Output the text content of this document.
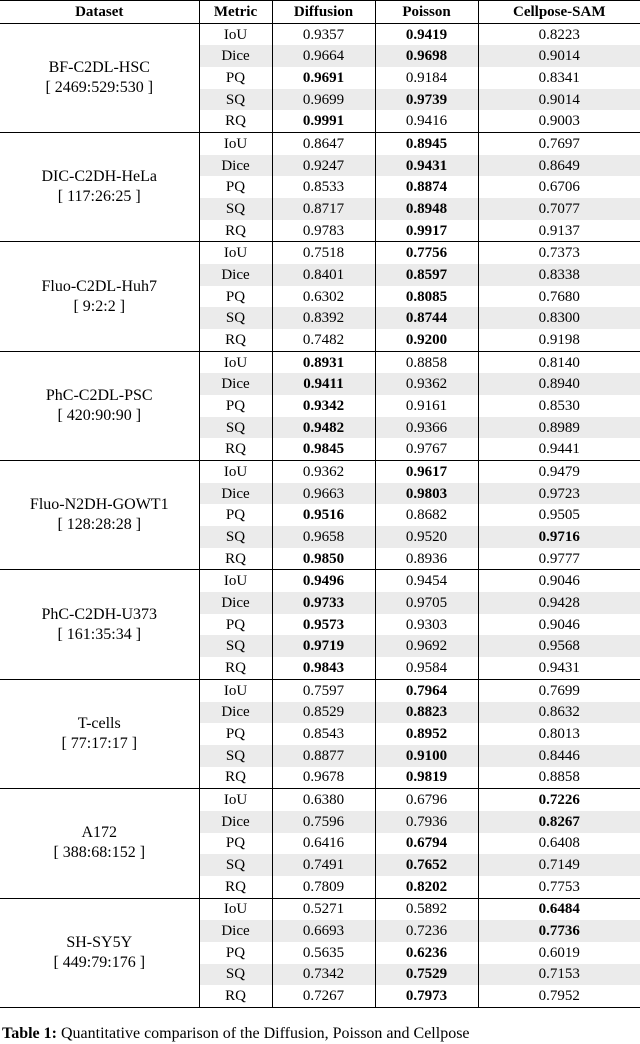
Dataset	Metric	Diffusion	Poisson	Cellpose-SAM

BF-C2DL-HSC
[ 2469:529:530 ]	IoU	0.9357	0.9419	0.8223
	Dice	0.9664	0.9698	0.9014
	PQ	0.9691	0.9184	0.8341
	SQ	0.9699	0.9739	0.9014
	RQ	0.9991	0.9416	0.9003

DIC-C2DH-HeLa
[ 117:26:25 ]	IoU	0.8647	0.8945	0.7697
	Dice	0.9247	0.9431	0.8649
	PQ	0.8533	0.8874	0.6706
	SQ	0.8717	0.8948	0.7077
	RQ	0.9783	0.9917	0.9137

Fluo-C2DL-Huh7
[ 9:2:2 ]	IoU	0.7518	0.7756	0.7373
	Dice	0.8401	0.8597	0.8338
	PQ	0.6302	0.8085	0.7680
	SQ	0.8392	0.8744	0.8300
	RQ	0.7482	0.9200	0.9198

PhC-C2DL-PSC
[ 420:90:90 ]	IoU	0.8931	0.8858	0.8140
	Dice	0.9411	0.9362	0.8940
	PQ	0.9342	0.9161	0.8530
	SQ	0.9482	0.9366	0.8989
	RQ	0.9845	0.9767	0.9441

Fluo-N2DH-GOWT1
[ 128:28:28 ]	IoU	0.9362	0.9617	0.9479
	Dice	0.9663	0.9803	0.9723
	PQ	0.9516	0.8682	0.9505
	SQ	0.9658	0.9520	0.9716
	RQ	0.9850	0.8936	0.9777

PhC-C2DH-U373
[ 161:35:34 ]	IoU	0.9496	0.9454	0.9046
	Dice	0.9733	0.9705	0.9428
	PQ	0.9573	0.9303	0.9046
	SQ	0.9719	0.9692	0.9568
	RQ	0.9843	0.9584	0.9431

T-cells
[ 77:17:17 ]	IoU	0.7597	0.7964	0.7699
	Dice	0.8529	0.8823	0.8632
	PQ	0.8543	0.8952	0.8013
	SQ	0.8877	0.9100	0.8446
	RQ	0.9678	0.9819	0.8858

A172
[ 388:68:152 ]	IoU	0.6380	0.6796	0.7226
	Dice	0.7596	0.7936	0.8267
	PQ	0.6416	0.6794	0.6408
	SQ	0.7491	0.7652	0.7149
	RQ	0.7809	0.8202	0.7753

SH-SY5Y
[ 449:79:176 ]	IoU	0.5271	0.5892	0.6484
	Dice	0.6693	0.7236	0.7736
	PQ	0.5635	0.6236	0.6019
	SQ	0.7342	0.7529	0.7153
	RQ	0.7267	0.7973	0.7952
Table 1: Quantitative comparison of the Diffusion, Poisson and Cellpose
